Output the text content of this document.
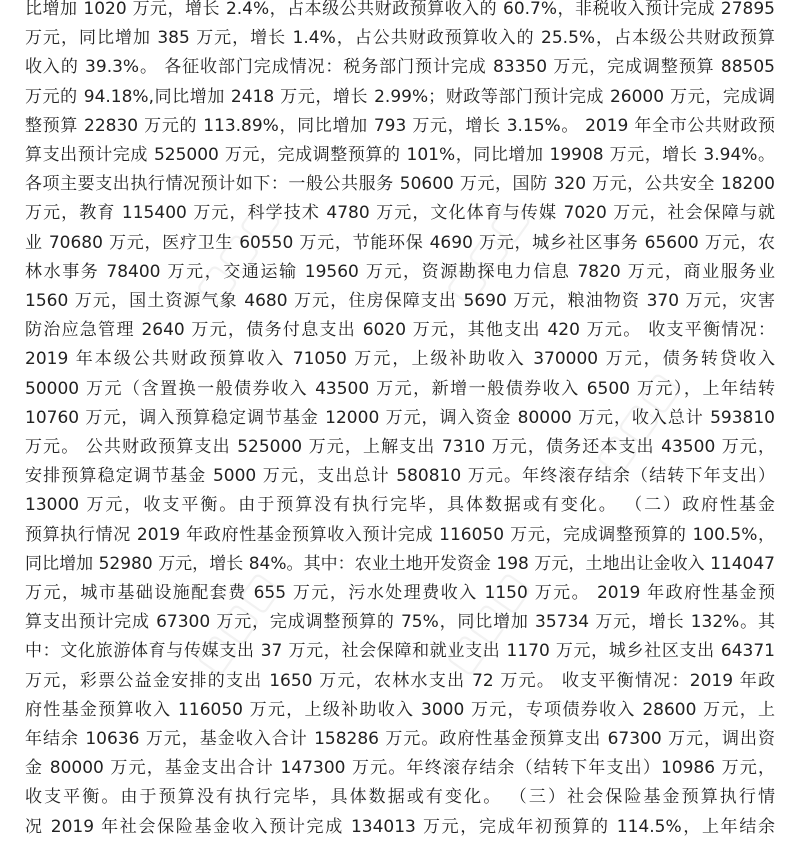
比增加 1020 万元，增长 2.4%，占本级公共财政预算收入的 60.7%，非税收入预计完成 27895
万元，同比增加 385 万元，增长 1.4%，占公共财政预算收入的 25.5%，占本级公共财政预算
收入的 39.3%。 各征收部门完成情况：税务部门预计完成 83350 万元，完成调整预算 88505
万元的 94.18%,同比增加 2418 万元，增长 2.99%；财政等部门预计完成 26000 万元，完成调
整预算 22830 万元的 113.89%，同比增加 793 万元，增长 3.15%。 2019 年全市公共财政预
算支出预计完成 525000 万元，完成调整预算的 101%，同比增加 19908 万元，增长 3.94%。
各项主要支出执行情况预计如下：一般公共服务 50600 万元，国防 320 万元，公共安全 18200
万元，教育 115400 万元，科学技术 4780 万元，文化体育与传媒 7020 万元，社会保障与就
业 70680 万元，医疗卫生 60550 万元，节能环保 4690 万元，城乡社区事务 65600 万元，农
林水事务 78400 万元，交通运输 19560 万元，资源勘探电力信息 7820 万元，商业服务业
1560 万元，国土资源气象 4680 万元，住房保障支出 5690 万元，粮油物资 370 万元，灾害
防治应急管理 2640 万元，债务付息支出 6020 万元，其他支出 420 万元。 收支平衡情况：
2019 年本级公共财政预算收入 71050 万元，上级补助收入 370000 万元，债务转贷收入
50000 万元（含置换一般债券收入 43500 万元，新增一般债券收入 6500 万元），上年结转
10760 万元，调入预算稳定调节基金 12000 万元，调入资金 80000 万元，收入总计 593810
万元。 公共财政预算支出 525000 万元，上解支出 7310 万元，债务还本支出 43500 万元，
安排预算稳定调节基金 5000 万元，支出总计 580810 万元。年终滚存结余（结转下年支出）
13000 万元，收支平衡。由于预算没有执行完毕，具体数据或有变化。 （二）政府性基金
预算执行情况 2019 年政府性基金预算收入预计完成 116050 万元，完成调整预算的 100.5%，
同比增加 52980 万元，增长 84%。其中：农业土地开发资金 198 万元，土地出让金收入 114047
万元，城市基础设施配套费 655 万元，污水处理费收入 1150 万元。 2019 年政府性基金预
算支出预计完成 67300 万元，完成调整预算的 75%，同比增加 35734 万元，增长 132%。其
中：文化旅游体育与传媒支出 37 万元，社会保障和就业支出 1170 万元，城乡社区支出 64371
万元，彩票公益金安排的支出 1650 万元，农林水支出 72 万元。 收支平衡情况：2019 年政
府性基金预算收入 116050 万元，上级补助收入 3000 万元，专项债券收入 28600 万元，上
年结余 10636 万元，基金收入合计 158286 万元。政府性基金预算支出 67300 万元，调出资
金 80000 万元，基金支出合计 147300 万元。年终滚存结余（结转下年支出）10986 万元，
收支平衡。由于预算没有执行完毕，具体数据或有变化。 （三）社会保险基金预算执行情
况 2019 年社会保险基金收入预计完成 134013 万元，完成年初预算的 114.5%，上年结余
▢▢▢	▢▢▢
▢▢▢
▢▢▢	▢▢▢
